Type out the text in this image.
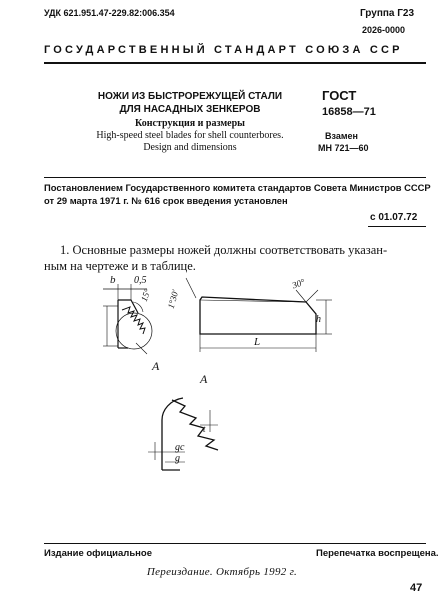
УДК 621.951.47-229.82:006.354	Группа Г23
2026-0000
ГОСУДАРСТВЕННЫЙ СТАНДАРТ СОЮЗА ССР
НОЖИ ИЗ БЫСТРОРЕЖУЩЕЙ СТАЛИ
ДЛЯ НАСАДНЫХ ЗЕНКЕРОВ
Конструкция и размеры
High-speed steel blades for shell counterbores.
Design and dimensions
ГОСТ
16858—71
Взамен
МН 721—60
Постановлением Государственного комитета стандартов Совета Министров СССР
от 29 марта 1971 г. № 616 срок введения установлен
с 01.07.72
1. Основные размеры ножей должны соответствовать указан-
ным на чертеже и в таблице.
b 0,5
15°
A
1°30′
30°
L
h
A
t
gc
g
Издание официальное	Перепечатка воспрещена.
Переиздание. Октябрь 1992 г.
47
